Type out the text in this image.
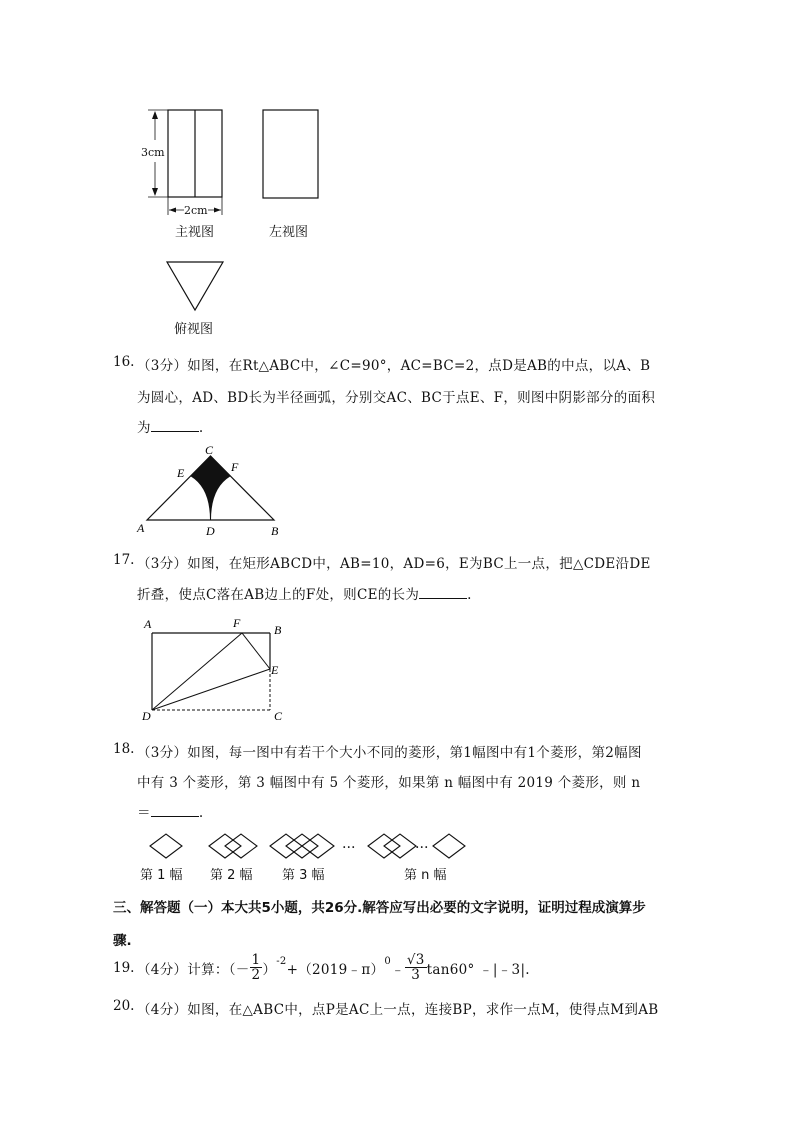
3cm
2cm
主视图	左视图
俯视图
16. （3分）如图，在Rt△ABC中，∠C=90°，AC=BC=2，点D是AB的中点，以A、B
为圆心，AD、BD长为半径画弧，分别交AC、BC于点E、F，则图中阴影部分的面积
为	.
C
E	F
A	D	B
17. （3分）如图，在矩形ABCD中，AB=10，AD=6，E为BC上一点，把△CDE沿DE
折叠，使点C落在AB边上的F处，则CE的长为	.
A	F	B
E
D	C
18. （3分）如图，每一图中有若干个大小不同的菱形，第1幅图中有1个菱形，第2幅图
中有 3 个菱形，第 3 幅图中有 5 个菱形，如果第 n 幅图中有 2019 个菱形，则 n
＝	.
…	…
第 1 幅 第 2 幅 第 3 幅	第 n 幅
三、解答题（一）本大共5小题，共26分.解答应写出必要的文字说明，证明过程成演算步
骤.
19. （4分）计算：（－ $\frac{1}{2} )^{-2}$ +（2019﹣π）$^0$ ﹣ $\frac{√3}{3} \tan 60^\circ$ ﹣|﹣3|.
20. （4分）如图，在△ABC中，点P是AC上一点，连接BP，求作一点M，使得点M到AB
